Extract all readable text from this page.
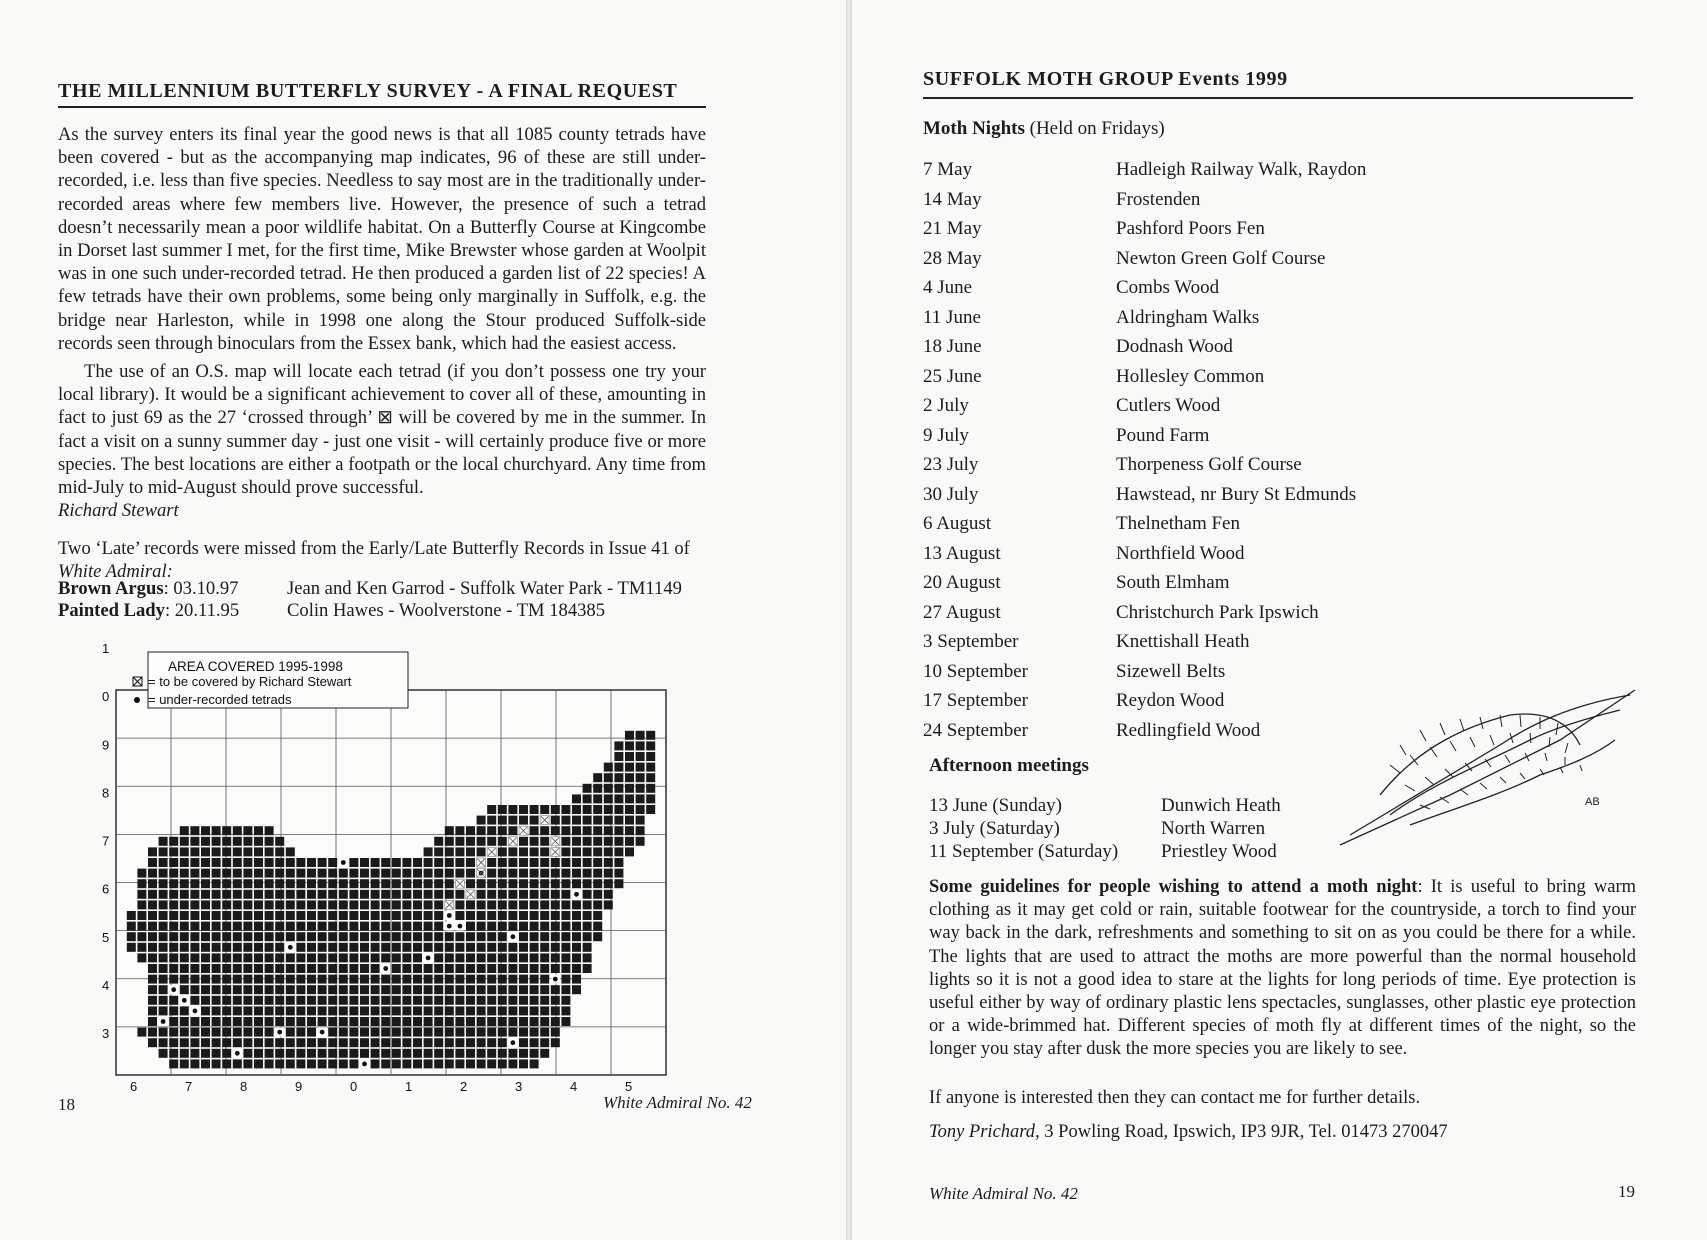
THE MILLENNIUM BUTTERFLY SURVEY - A FINAL REQUEST

As the survey enters its final year the good news is that all 1085 county tetrads have been covered - but as the accompanying map indicates, 96 of these are still under-recorded, i.e. less than five species. Needless to say most are in the traditionally under-recorded areas where few members live. However, the presence of such a tetrad doesn’t necessarily mean a poor wildlife habitat. On a Butterfly Course at Kingcombe in Dorset last summer I met, for the first time, Mike Brewster whose garden at Woolpit was in one such under-recorded tetrad. He then produced a garden list of 22 species! A few tetrads have their own problems, some being only marginally in Suffolk, e.g. the bridge near Harleston, while in 1998 one along the Stour produced Suffolk-side records seen through binoculars from the Essex bank, which had the easiest access.

The use of an O.S. map will locate each tetrad (if you don’t possess one try your local library). It would be a significant achievement to cover all of these, amounting in fact to just 69 as the 27 ‘crossed through’ ⊠ will be covered by me in the summer. In fact a visit on a sunny summer day - just one visit - will certainly produce five or more species. The best locations are either a footpath or the local churchyard. Any time from mid-July to mid-August should prove successful.

Richard Stewart
Two ‘Late’ records were missed from the Early/Late Butterfly Records in Issue 41 of White Admiral:
Brown Argus: 03.10.97	Jean and Ken Garrod - Suffolk Water Park - TM1149
Painted Lady: 20.11.95	Colin Hawes - Woolverstone - TM 184385
1
0
9
8
7
6
5
4
3
6	7	8	9	0	1	2	3	4	5
AREA COVERED 1995-1998
= to be covered by Richard Stewart
= under-recorded tetrads
18	White Admiral No. 42
SUFFOLK MOTH GROUP Events 1999
Moth Nights (Held on Fridays)
7 May	Hadleigh Railway Walk, Raydon
14 May	Frostenden
21 May	Pashford Poors Fen
28 May	Newton Green Golf Course
4 June	Combs Wood
11 June	Aldringham Walks
18 June	Dodnash Wood
25 June	Hollesley Common
2 July	Cutlers Wood
9 July	Pound Farm
23 July	Thorpeness Golf Course
30 July	Hawstead, nr Bury St Edmunds
6 August	Thelnetham Fen
13 August	Northfield Wood
20 August	South Elmham
27 August	Christchurch Park Ipswich
3 September	Knettishall Heath
10 September	Sizewell Belts
17 September	Reydon Wood
24 September	Redlingfield Wood
Afternoon meetings
13 June (Sunday)	Dunwich Heath
3 July (Saturday)	North Warren
11 September (Saturday) Priestley Wood
AB

Some guidelines for people wishing to attend a moth night: It is useful to bring warm clothing as it may get cold or rain, suitable footwear for the countryside, a torch to find your way back in the dark, refreshments and something to sit on as you could be there for a while. The lights that are used to attract the moths are more powerful than the normal household lights so it is not a good idea to stare at the lights for long periods of time. Eye protection is useful either by way of ordinary plastic lens spectacles, sunglasses, other plastic eye protection or a wide-brimmed hat. Different species of moth fly at different times of the night, so the longer you stay after dusk the more species you are likely to see.

If anyone is interested then they can contact me for further details.
Tony Prichard, 3 Powling Road, Ipswich, IP3 9JR, Tel. 01473 270047
White Admiral No. 42	19
